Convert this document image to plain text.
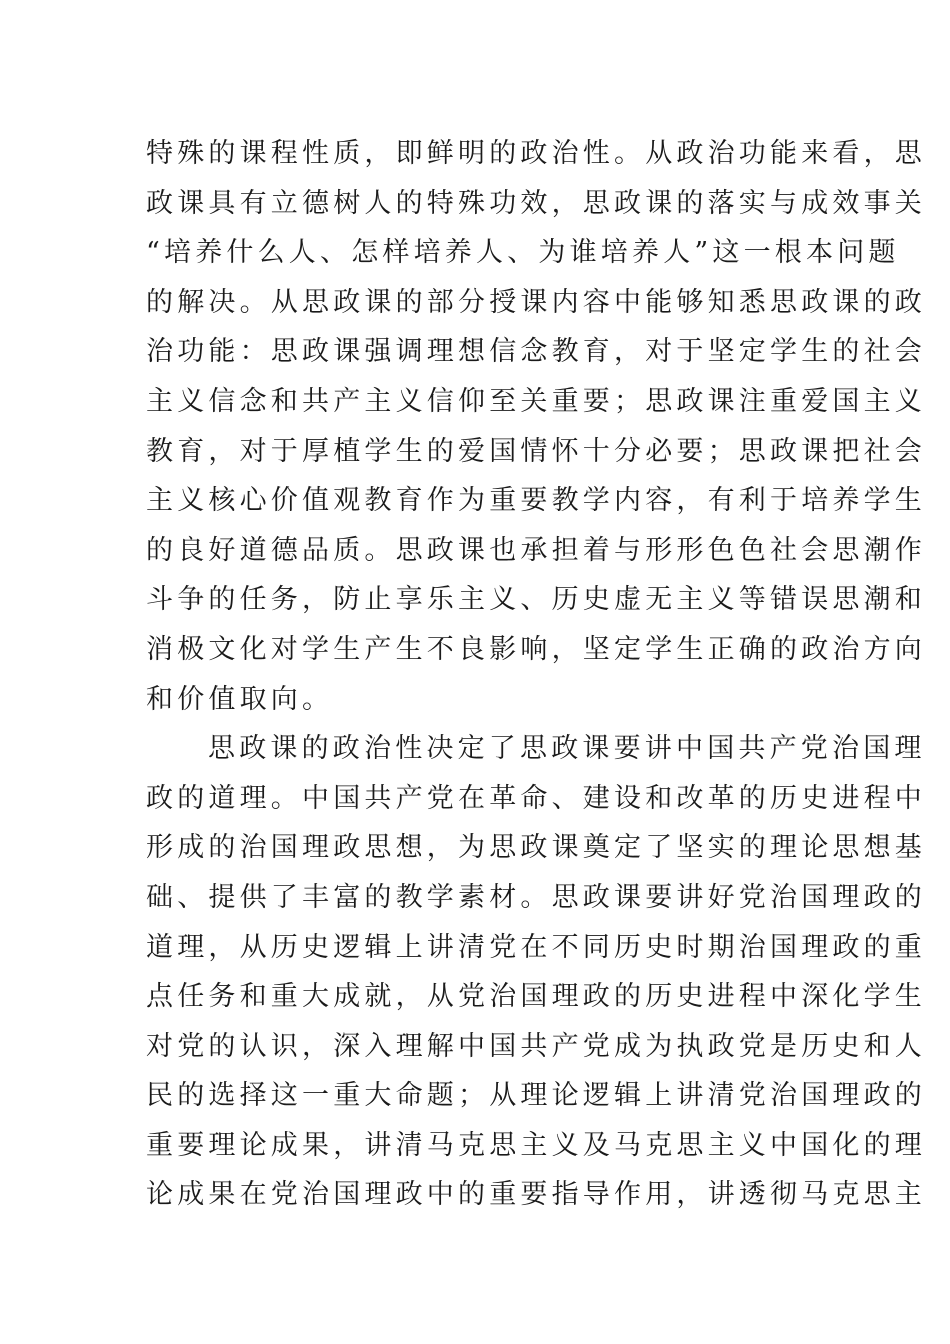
特殊的课程性质，即鲜明的政治性。从政治功能来看，思
政课具有立德树人的特殊功效，思政课的落实与成效事关
“培养什么人、怎样培养人、为谁培养人”这一根本问题
的解决。从思政课的部分授课内容中能够知悉思政课的政
治功能：思政课强调理想信念教育，对于坚定学生的社会
主义信念和共产主义信仰至关重要；思政课注重爱国主义
教育，对于厚植学生的爱国情怀十分必要；思政课把社会
主义核心价值观教育作为重要教学内容，有利于培养学生
的良好道德品质。思政课也承担着与形形色色社会思潮作
斗争的任务，防止享乐主义、历史虚无主义等错误思潮和
消极文化对学生产生不良影响，坚定学生正确的政治方向
和价值取向。
思政课的政治性决定了思政课要讲中国共产党治国理
政的道理。中国共产党在革命、建设和改革的历史进程中
形成的治国理政思想，为思政课奠定了坚实的理论思想基
础、提供了丰富的教学素材。思政课要讲好党治国理政的
道理，从历史逻辑上讲清党在不同历史时期治国理政的重
点任务和重大成就，从党治国理政的历史进程中深化学生
对党的认识，深入理解中国共产党成为执政党是历史和人
民的选择这一重大命题；从理论逻辑上讲清党治国理政的
重要理论成果，讲清马克思主义及马克思主义中国化的理
论成果在党治国理政中的重要指导作用，讲透彻马克思主
